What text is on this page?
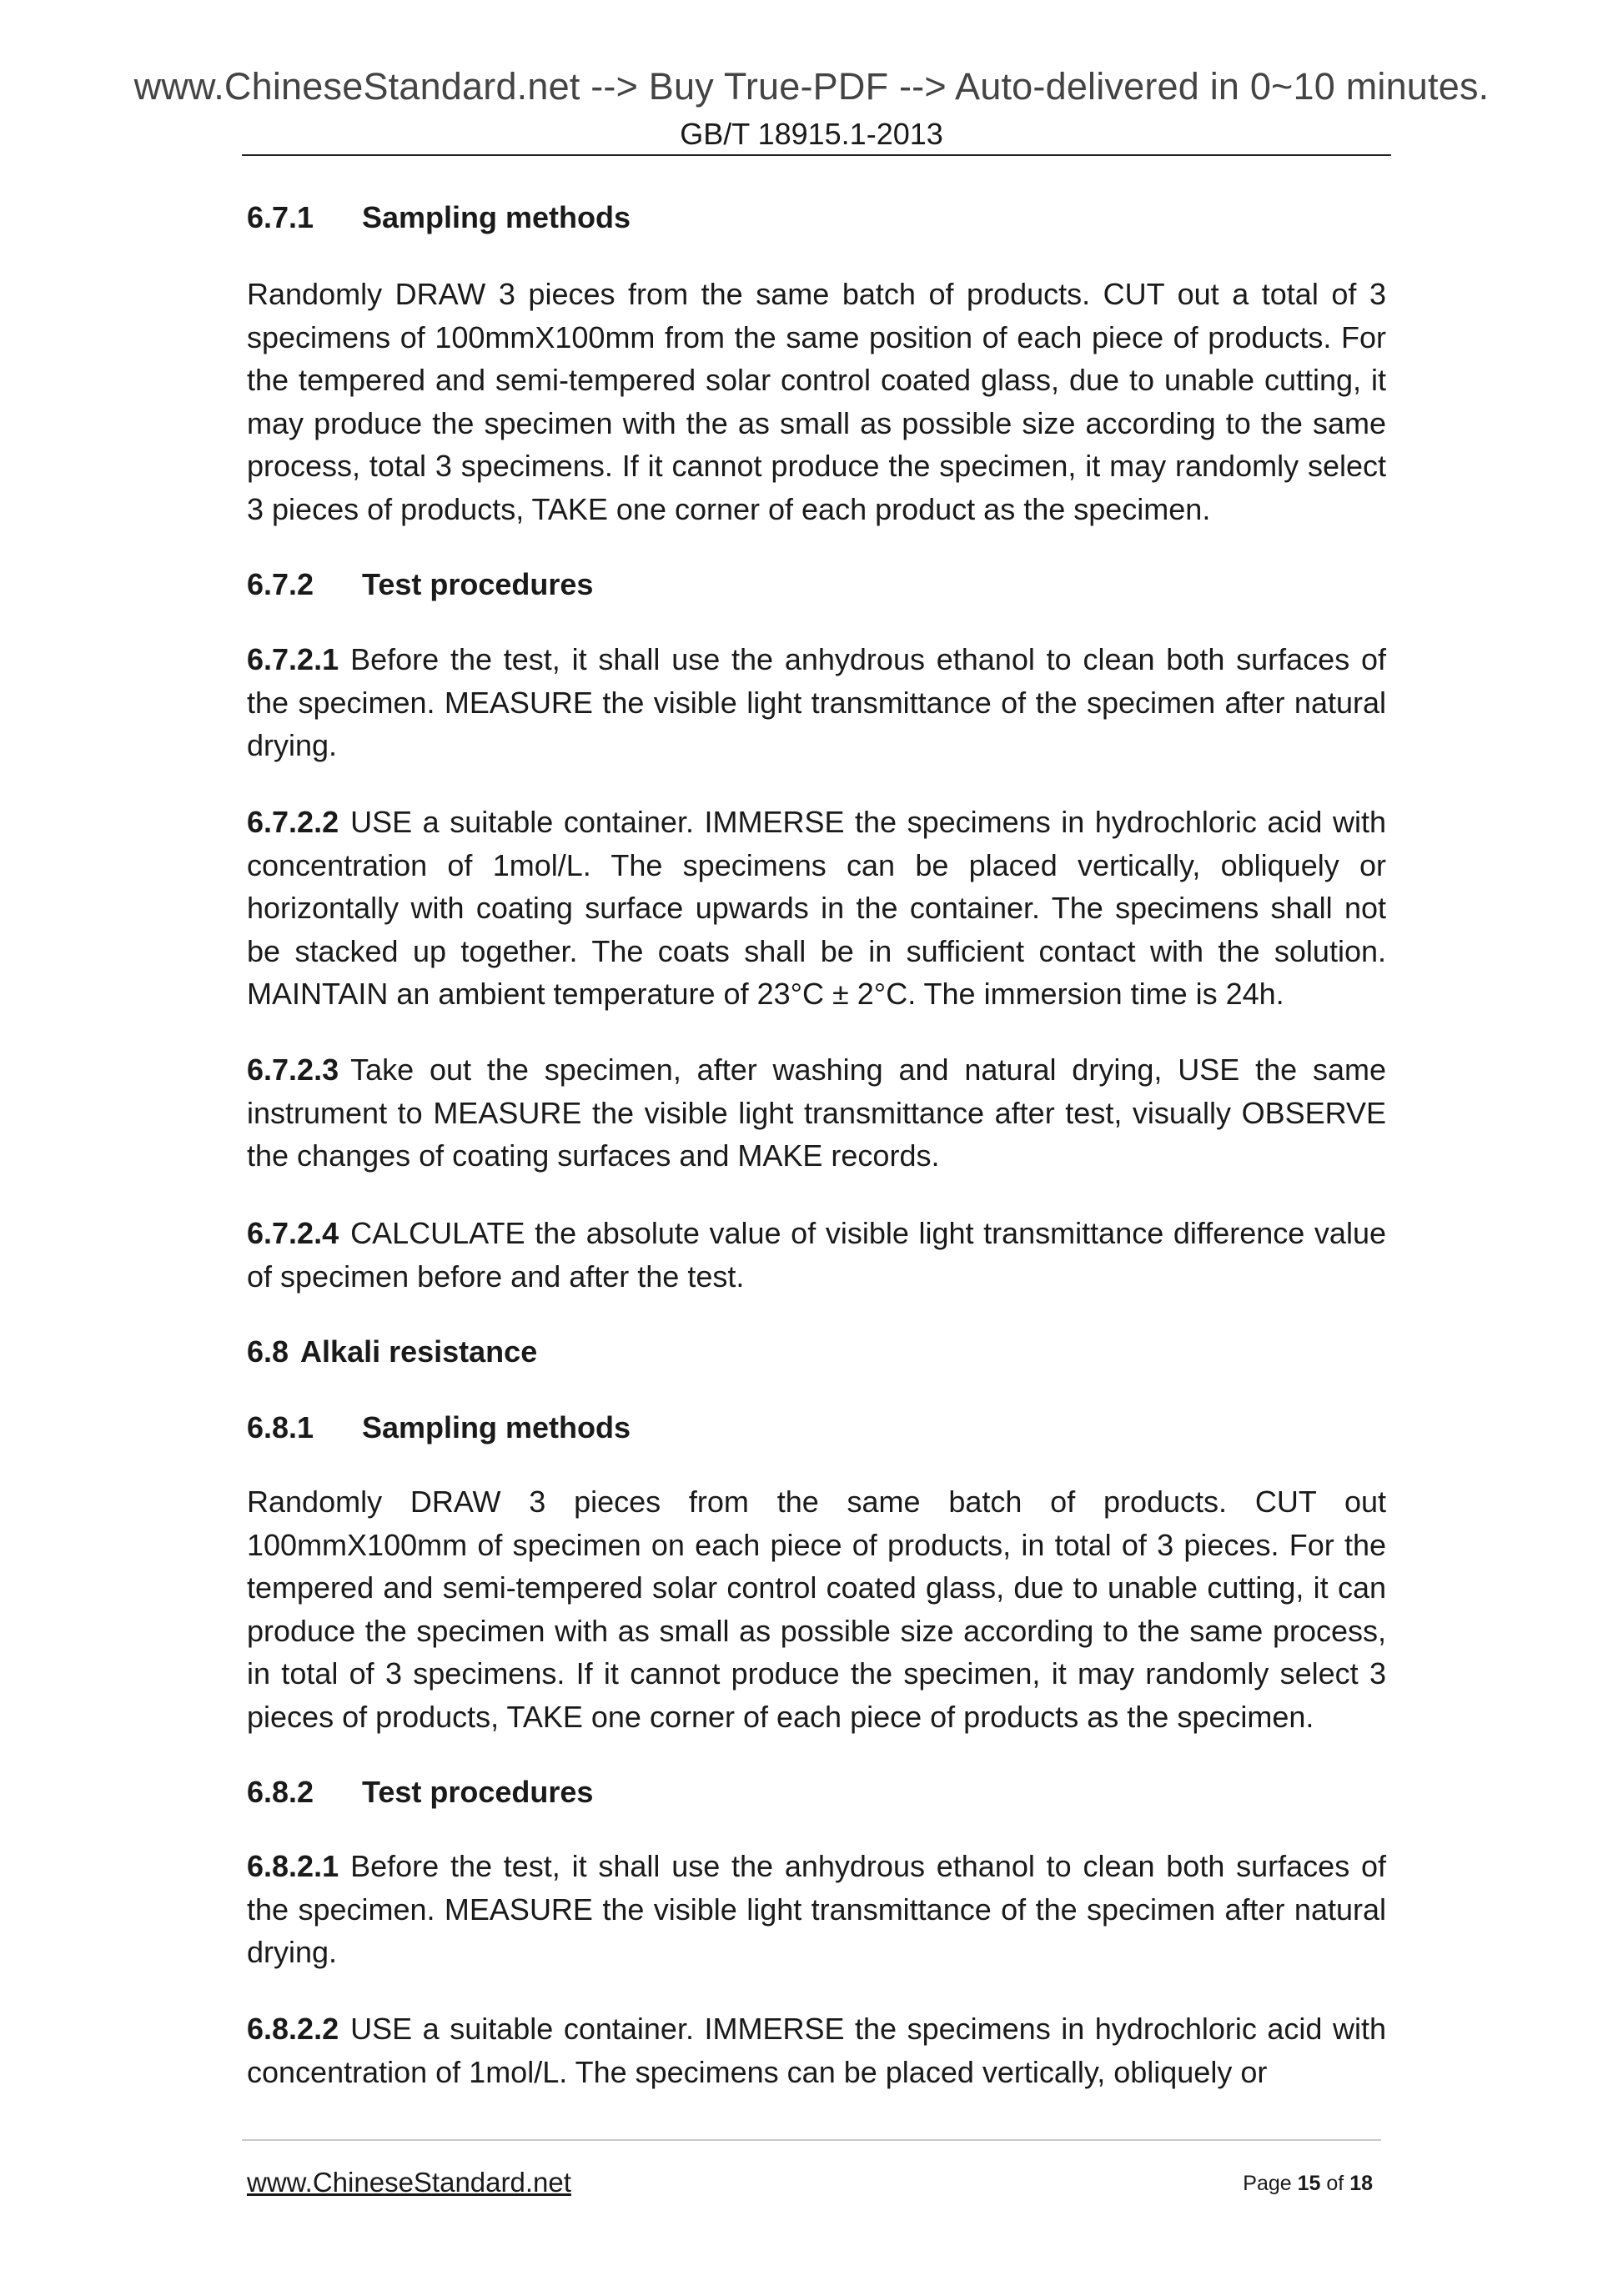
www.ChineseStandard.net --> Buy True-PDF --> Auto-delivered in 0~10 minutes.
GB/T 18915.1-2013
6.7.1 Sampling methods

Randomly DRAW 3 pieces from the same batch of products. CUT out a total of 3 specimens of 100mmX100mm from the same position of each piece of products. For the tempered and semi-tempered solar control coated glass, due to unable cutting, it may produce the specimen with the as small as possible size according to the same process, total 3 specimens. If it cannot produce the specimen, it may randomly select 3 pieces of products, TAKE one corner of each product as the specimen.

6.7.2 Test procedures

6.7.2.1 Before the test, it shall use the anhydrous ethanol to clean both surfaces of the specimen. MEASURE the visible light transmittance of the specimen after natural drying.

6.7.2.2 USE a suitable container. IMMERSE the specimens in hydrochloric acid with concentration of 1mol/L. The specimens can be placed vertically, obliquely or horizontally with coating surface upwards in the container. The specimens shall not be stacked up together. The coats shall be in sufficient contact with the solution. MAINTAIN an ambient temperature of 23°C ± 2°C. The immersion time is 24h.

6.7.2.3 Take out the specimen, after washing and natural drying, USE the same instrument to MEASURE the visible light transmittance after test, visually OBSERVE the changes of coating surfaces and MAKE records.

6.7.2.4 CALCULATE the absolute value of visible light transmittance difference value of specimen before and after the test.

6.8 Alkali resistance
6.8.1 Sampling methods

Randomly DRAW 3 pieces from the same batch of products. CUT out 100mmX100mm of specimen on each piece of products, in total of 3 pieces. For the tempered and semi-tempered solar control coated glass, due to unable cutting, it can produce the specimen with as small as possible size according to the same process, in total of 3 specimens. If it cannot produce the specimen, it may randomly select 3 pieces of products, TAKE one corner of each piece of products as the specimen.

6.8.2 Test procedures

6.8.2.1 Before the test, it shall use the anhydrous ethanol to clean both surfaces of the specimen. MEASURE the visible light transmittance of the specimen after natural drying.

6.8.2.2 USE a suitable container. IMMERSE the specimens in hydrochloric acid with concentration of 1mol/L. The specimens can be placed vertically, obliquely or

www.ChineseStandard.net	Page 15 of 18
